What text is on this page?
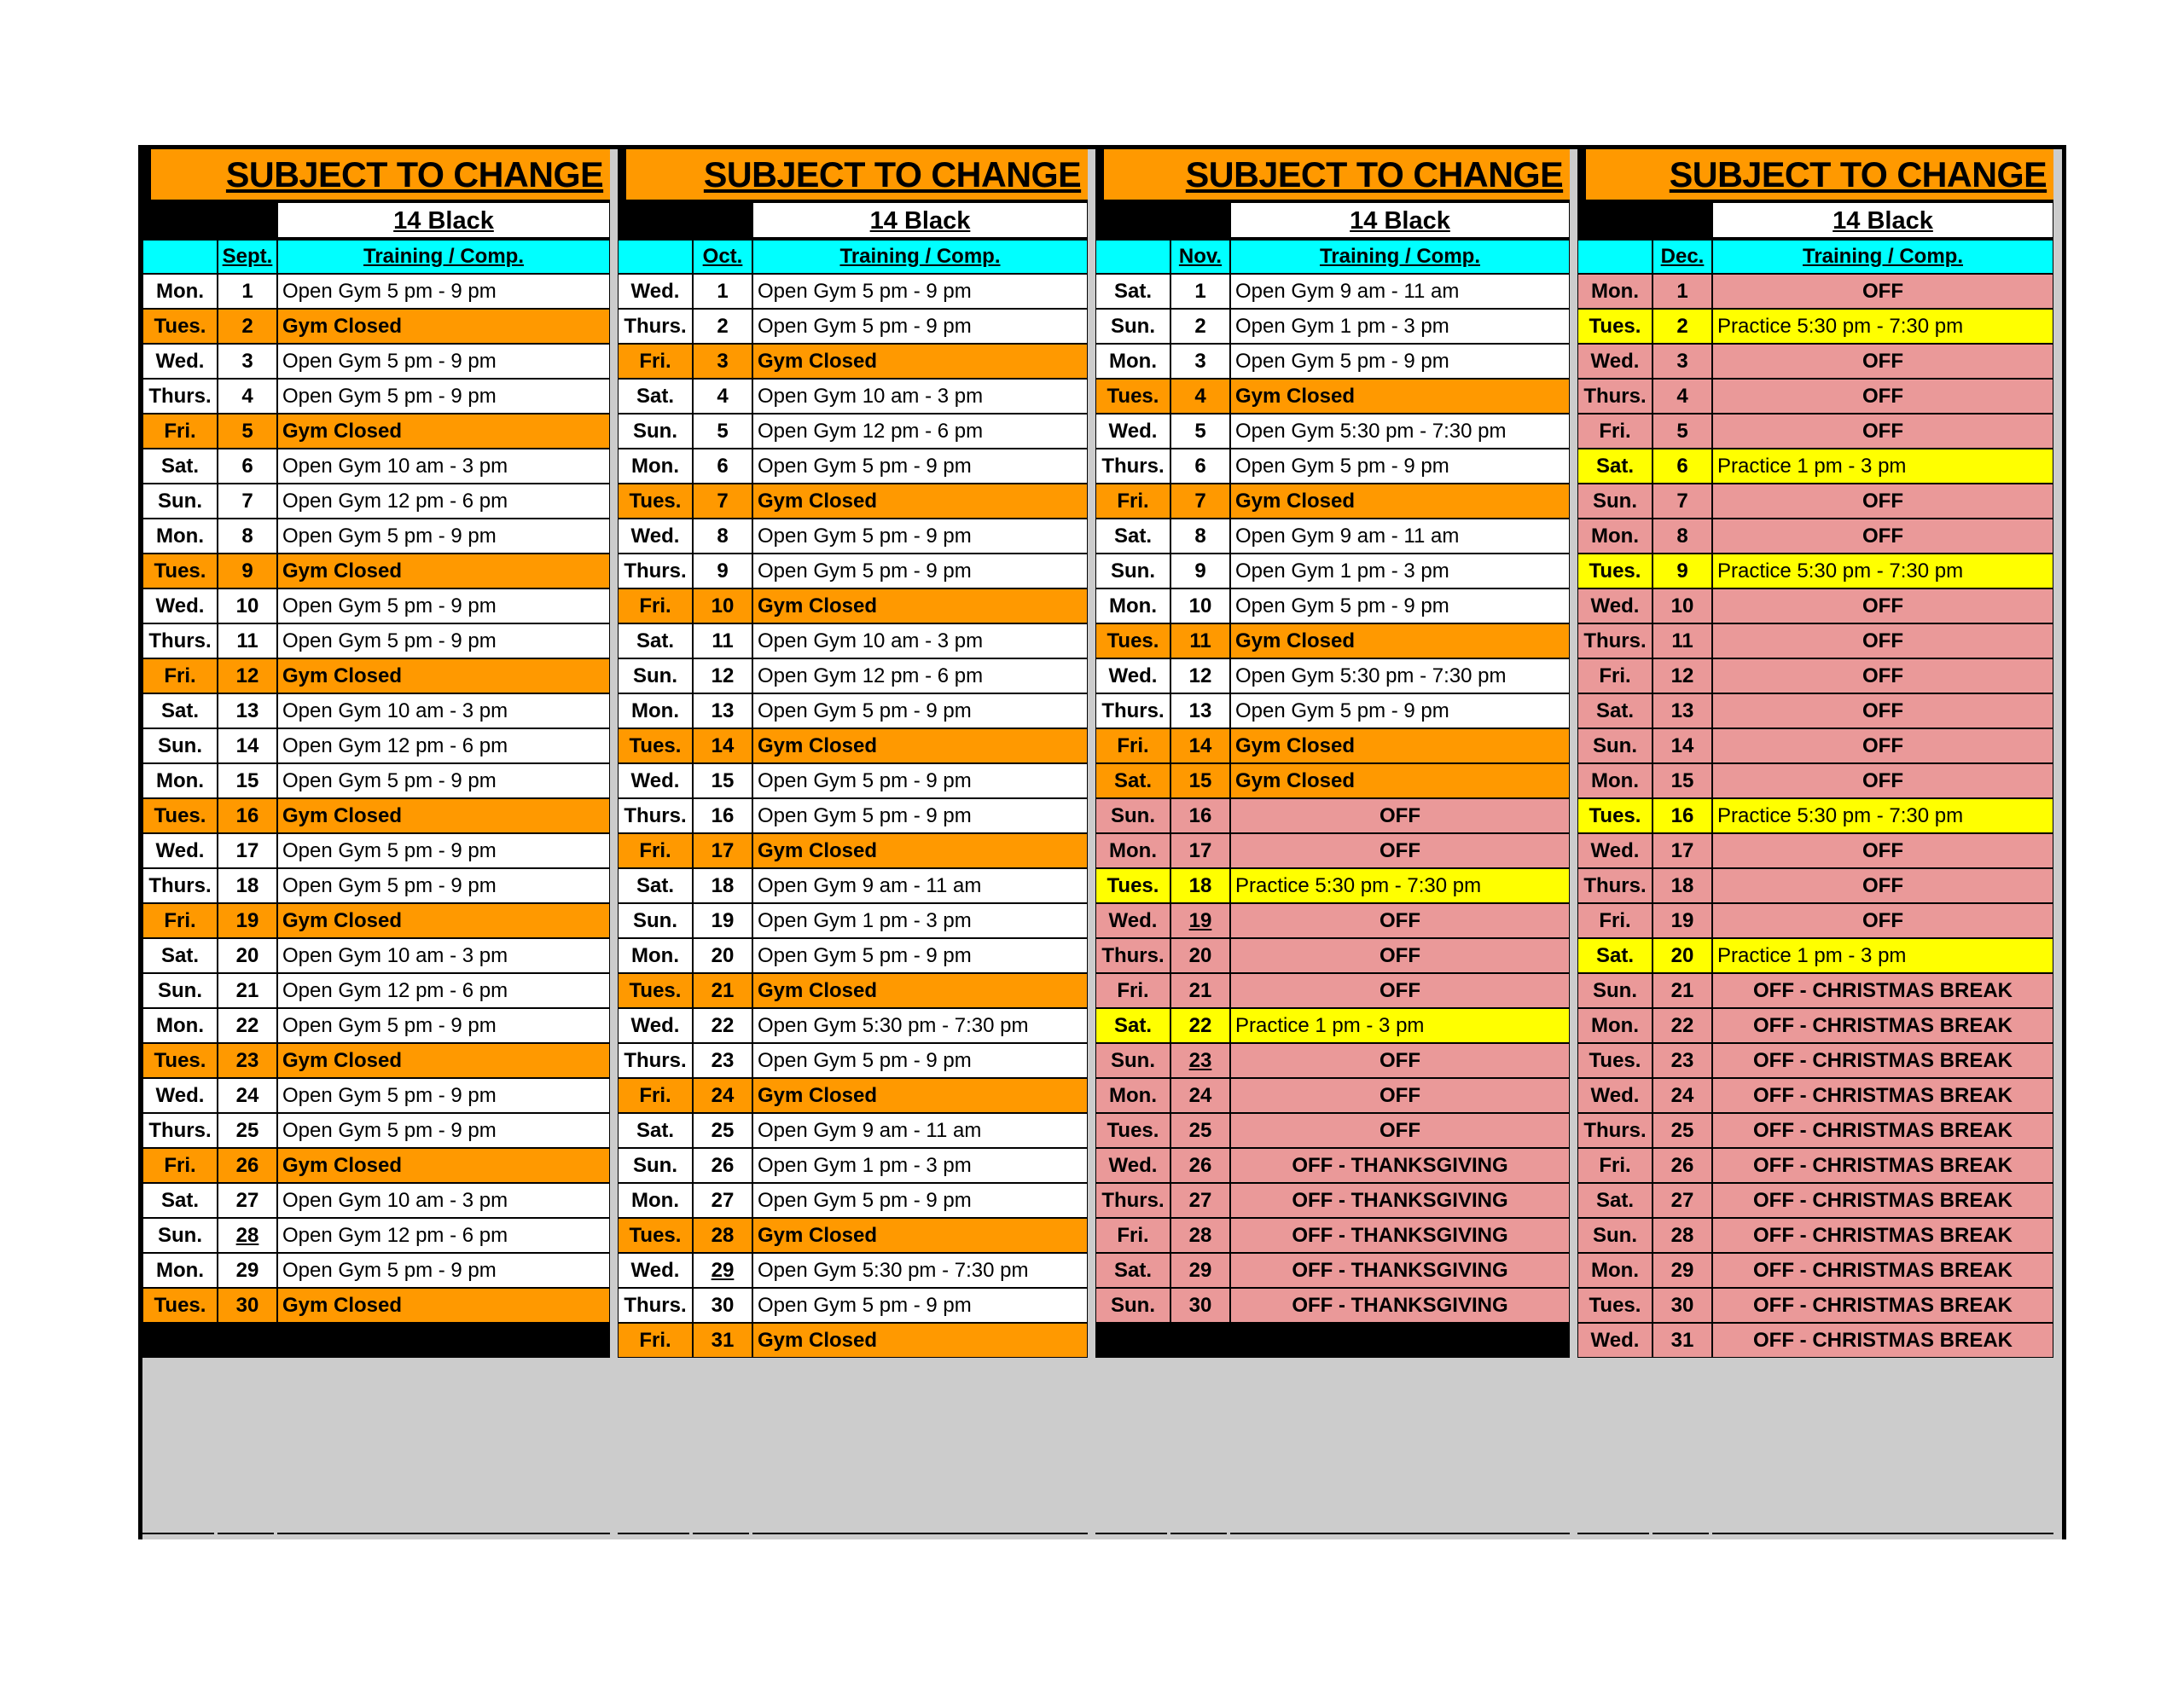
SUBJECT TO CHANGE
14 Black
Sept.	Training / Comp.
Mon.	1	Open Gym 5 pm - 9 pm
Tues.	2	Gym Closed
Wed.	3	Open Gym 5 pm - 9 pm
Thurs.	4	Open Gym 5 pm - 9 pm
Fri.	5	Gym Closed
Sat.	6	Open Gym 10 am - 3 pm
Sun.	7	Open Gym 12 pm - 6 pm
Mon.	8	Open Gym 5 pm - 9 pm
Tues.	9	Gym Closed
Wed.	10	Open Gym 5 pm - 9 pm
Thurs.	11	Open Gym 5 pm - 9 pm
Fri.	12	Gym Closed
Sat.	13	Open Gym 10 am - 3 pm
Sun.	14	Open Gym 12 pm - 6 pm
Mon.	15	Open Gym 5 pm - 9 pm
Tues.	16	Gym Closed
Wed.	17	Open Gym 5 pm - 9 pm
Thurs.	18	Open Gym 5 pm - 9 pm
Fri.	19	Gym Closed
Sat.	20	Open Gym 10 am - 3 pm
Sun.	21	Open Gym 12 pm - 6 pm
Mon.	22	Open Gym 5 pm - 9 pm
Tues.	23	Gym Closed
Wed.	24	Open Gym 5 pm - 9 pm
Thurs.	25	Open Gym 5 pm - 9 pm
Fri.	26	Gym Closed
Sat.	27	Open Gym 10 am - 3 pm
Sun.	28	Open Gym 12 pm - 6 pm
Mon.	29	Open Gym 5 pm - 9 pm
Tues.	30	Gym Closed
SUBJECT TO CHANGE
14 Black
Oct.	Training / Comp.
Wed.	1	Open Gym 5 pm - 9 pm
Thurs.	2	Open Gym 5 pm - 9 pm
Fri.	3	Gym Closed
Sat.	4	Open Gym 10 am - 3 pm
Sun.	5	Open Gym 12 pm - 6 pm
Mon.	6	Open Gym 5 pm - 9 pm
Tues.	7	Gym Closed
Wed.	8	Open Gym 5 pm - 9 pm
Thurs.	9	Open Gym 5 pm - 9 pm
Fri.	10	Gym Closed
Sat.	11	Open Gym 10 am - 3 pm
Sun.	12	Open Gym 12 pm - 6 pm
Mon.	13	Open Gym 5 pm - 9 pm
Tues.	14	Gym Closed
Wed.	15	Open Gym 5 pm - 9 pm
Thurs.	16	Open Gym 5 pm - 9 pm
Fri.	17	Gym Closed
Sat.	18	Open Gym 9 am - 11 am
Sun.	19	Open Gym 1 pm - 3 pm
Mon.	20	Open Gym 5 pm - 9 pm
Tues.	21	Gym Closed
Wed.	22	Open Gym 5:30 pm - 7:30 pm
Thurs.	23	Open Gym 5 pm - 9 pm
Fri.	24	Gym Closed
Sat.	25	Open Gym 9 am - 11 am
Sun.	26	Open Gym 1 pm - 3 pm
Mon.	27	Open Gym 5 pm - 9 pm
Tues.	28	Gym Closed
Wed.	29	Open Gym 5:30 pm - 7:30 pm
Thurs.	30	Open Gym 5 pm - 9 pm
Fri.	31	Gym Closed
SUBJECT TO CHANGE
14 Black
Nov.	Training / Comp.
Sat.	1	Open Gym 9 am - 11 am
Sun.	2	Open Gym 1 pm - 3 pm
Mon.	3	Open Gym 5 pm - 9 pm
Tues.	4	Gym Closed
Wed.	5	Open Gym 5:30 pm - 7:30 pm
Thurs.	6	Open Gym 5 pm - 9 pm
Fri.	7	Gym Closed
Sat.	8	Open Gym 9 am - 11 am
Sun.	9	Open Gym 1 pm - 3 pm
Mon.	10	Open Gym 5 pm - 9 pm
Tues.	11	Gym Closed
Wed.	12	Open Gym 5:30 pm - 7:30 pm
Thurs.	13	Open Gym 5 pm - 9 pm
Fri.	14	Gym Closed
Sat.	15	Gym Closed
Sun.	16	OFF
Mon.	17	OFF
Tues.	18	Practice 5:30 pm - 7:30 pm
Wed.	19	OFF
Thurs.	20	OFF
Fri.	21	OFF
Sat.	22	Practice 1 pm - 3 pm
Sun.	23	OFF
Mon.	24	OFF
Tues.	25	OFF
Wed.	26	OFF - THANKSGIVING
Thurs.	27	OFF - THANKSGIVING
Fri.	28	OFF - THANKSGIVING
Sat.	29	OFF - THANKSGIVING
Sun.	30	OFF - THANKSGIVING
SUBJECT TO CHANGE
14 Black
Dec.	Training / Comp.
Mon.	1	OFF
Tues.	2	Practice 5:30 pm - 7:30 pm
Wed.	3	OFF
Thurs.	4	OFF
Fri.	5	OFF
Sat.	6	Practice 1 pm - 3 pm
Sun.	7	OFF
Mon.	8	OFF
Tues.	9	Practice 5:30 pm - 7:30 pm
Wed.	10	OFF
Thurs.	11	OFF
Fri.	12	OFF
Sat.	13	OFF
Sun.	14	OFF
Mon.	15	OFF
Tues.	16	Practice 5:30 pm - 7:30 pm
Wed.	17	OFF
Thurs.	18	OFF
Fri.	19	OFF
Sat.	20	Practice 1 pm - 3 pm
Sun.	21	OFF - CHRISTMAS BREAK
Mon.	22	OFF - CHRISTMAS BREAK
Tues.	23	OFF - CHRISTMAS BREAK
Wed.	24	OFF - CHRISTMAS BREAK
Thurs.	25	OFF - CHRISTMAS BREAK
Fri.	26	OFF - CHRISTMAS BREAK
Sat.	27	OFF - CHRISTMAS BREAK
Sun.	28	OFF - CHRISTMAS BREAK
Mon.	29	OFF - CHRISTMAS BREAK
Tues.	30	OFF - CHRISTMAS BREAK
Wed.	31	OFF - CHRISTMAS BREAK
